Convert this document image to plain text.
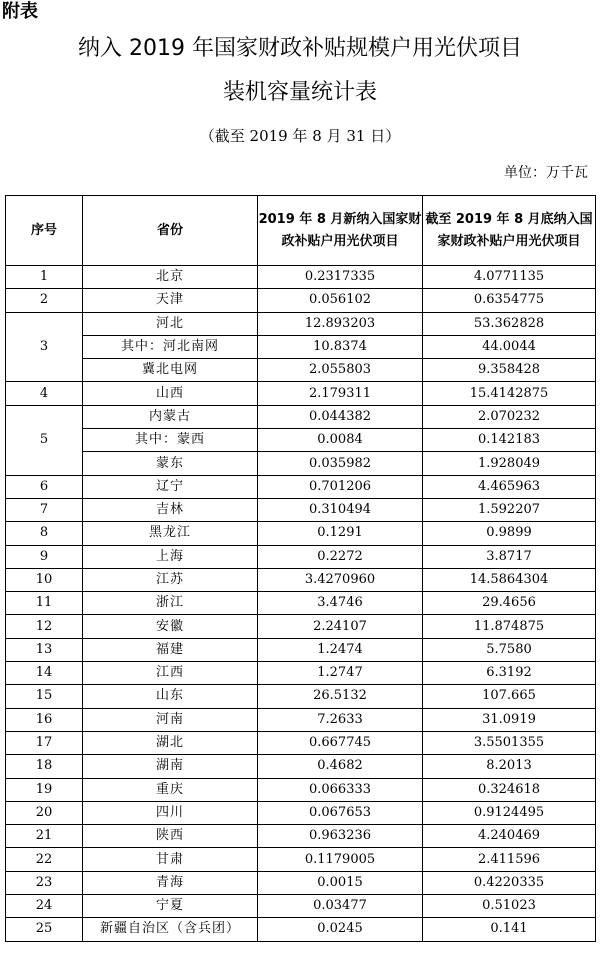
附表
纳入 2019 年国家财政补贴规模户用光伏项目
装机容量统计表
（截至 2019 年 8 月 31 日）
单位：万千瓦
序号	省份	2019 年 8 月新纳入国家财政补贴户用光伏项目	截至 2019 年 8 月底纳入国家财政补贴户用光伏项目
1	北京	0.2317335	4.0771135
2	天津	0.056102	0.6354775
3	河北	12.893203	53.362828
	其中：河北南网	10.8374	44.0044
	冀北电网	2.055803	9.358428
4	山西	2.179311	15.4142875
5	内蒙古	0.044382	2.070232
	其中：蒙西	0.0084	0.142183
	蒙东	0.035982	1.928049
6	辽宁	0.701206	4.465963
7	吉林	0.310494	1.592207
8	黑龙江	0.1291	0.9899
9	上海	0.2272	3.8717
10	江苏	3.4270960	14.5864304
11	浙江	3.4746	29.4656
12	安徽	2.24107	11.874875
13	福建	1.2474	5.7580
14	江西	1.2747	6.3192
15	山东	26.5132	107.665
16	河南	7.2633	31.0919
17	湖北	0.667745	3.5501355
18	湖南	0.4682	8.2013
19	重庆	0.066333	0.324618
20	四川	0.067653	0.9124495
21	陕西	0.963236	4.240469
22	甘肃	0.1179005	2.411596
23	青海	0.0015	0.4220335
24	宁夏	0.03477	0.51023
25	新疆自治区（含兵团）	0.0245	0.141
